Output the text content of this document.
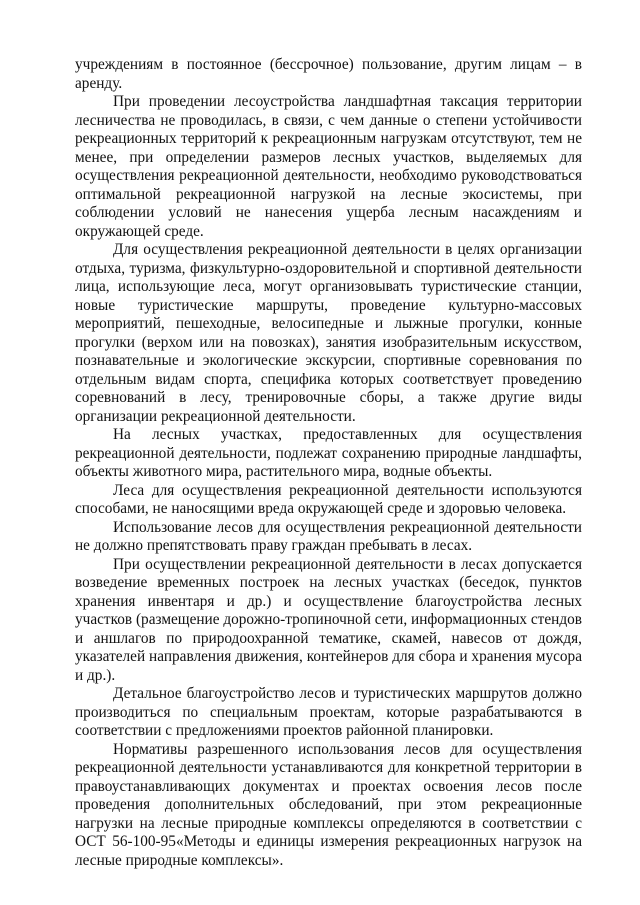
учреждениям в постоянное (бессрочное) пользование, другим лицам – в аренду.

При проведении лесоустройства ландшафтная таксация территории лесничества не проводилась, в связи, с чем данные о степени устойчивости рекреационных территорий к рекреационным нагрузкам отсутствуют, тем не менее, при определении размеров лесных участков, выделяемых для осуществления рекреационной деятельности, необходимо руководствоваться оптимальной рекреационной нагрузкой на лесные экосистемы, при соблюдении условий не нанесения ущерба лесным насаждениям и окружающей среде.

Для осуществления рекреационной деятельности в целях организации отдыха, туризма, физкультурно-оздоровительной и спортивной деятельности лица, использующие леса, могут организовывать туристические станции, новые туристические маршруты, проведение культурно-массовых мероприятий, пешеходные, велосипедные и лыжные прогулки, конные прогулки (верхом или на повозках), занятия изобразительным искусством, познавательные и экологические экскурсии, спортивные соревнования по отдельным видам спорта, специфика которых соответствует проведению соревнований в лесу, тренировочные сборы, а также другие виды организации рекреационной деятельности.

На лесных участках, предоставленных для осуществления рекреационной деятельности, подлежат сохранению природные ландшафты, объекты животного мира, растительного мира, водные объекты.

Леса для осуществления рекреационной деятельности используются способами, не наносящими вреда окружающей среде и здоровью человека.

Использование лесов для осуществления рекреационной деятельности не должно препятствовать праву граждан пребывать в лесах.

При осуществлении рекреационной деятельности в лесах допускается возведение временных построек на лесных участках (беседок, пунктов хранения инвентаря и др.) и осуществление благоустройства лесных участков (размещение дорожно-тропиночной сети, информационных стендов и аншлагов по природоохранной тематике, скамей, навесов от дождя, указателей направления движения, контейнеров для сбора и хранения мусора и др.).

Детальное благоустройство лесов и туристических маршрутов должно производиться по специальным проектам, которые разрабатываются в соответствии с предложениями проектов районной планировки.

Нормативы разрешенного использования лесов для осуществления рекреационной деятельности устанавливаются для конкретной территории в правоустанавливающих документах и проектах освоения лесов после проведения дополнительных обследований, при этом рекреационные нагрузки на лесные природные комплексы определяются в соответствии с ОСТ 56-100-95«Методы и единицы измерения рекреационных нагрузок на лесные природные комплексы».
